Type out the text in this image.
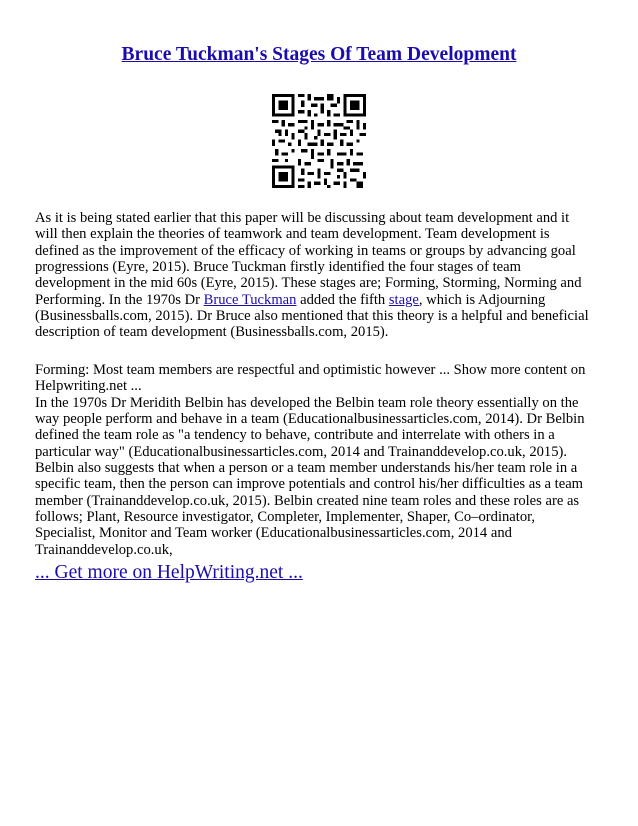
Bruce Tuckman's Stages Of Team Development

As it is being stated earlier that this paper will be discussing about team development and it will then explain the theories of teamwork and team development. Team development is defined as the improvement of the efficacy of working in teams or groups by advancing goal progressions (Eyre, 2015). Bruce Tuckman firstly identified the four stages of team development in the mid 60s (Eyre, 2015). These stages are; Forming, Storming, Norming and Performing. In the 1970s Dr Bruce Tuckman added the fifth stage, which is Adjourning (Businessballs.com, 2015). Dr Bruce also mentioned that this theory is a helpful and beneficial description of team development (Businessballs.com, 2015).

Forming: Most team members are respectful and optimistic however ... Show more content on Helpwriting.net ...
In the 1970s Dr Meridith Belbin has developed the Belbin team role theory essentially on the way people perform and behave in a team (Educationalbusinessarticles.com, 2014). Dr Belbin defined the team role as "a tendency to behave, contribute and interrelate with others in a particular way" (Educationalbusinessarticles.com, 2014 and Trainanddevelop.co.uk, 2015). Belbin also suggests that when a person or a team member understands his/her team role in a specific team, then the person can improve potentials and control his/her difficulties as a team member (Trainanddevelop.co.uk, 2015). Belbin created nine team roles and these roles are as follows; Plant, Resource investigator, Completer, Implementer, Shaper, Co–ordinator, Specialist, Monitor and Team worker (Educationalbusinessarticles.com, 2014 and Trainanddevelop.co.uk,

... Get more on HelpWriting.net ...
